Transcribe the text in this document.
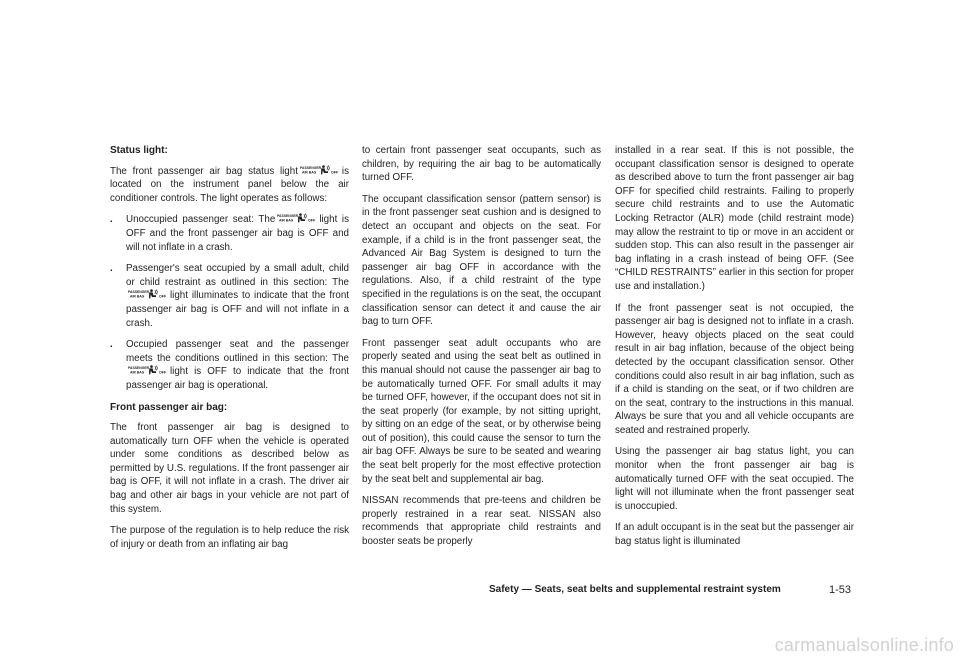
Status light:

The front passenger air bag status light PASSENGER
AIR BAG	OFF is located on the instrument panel below the air conditioner controls. The light operates as follows:

. Unoccupied passenger seat: The PASSENGER
AIR BAG	OFF light is OFF and the front passenger air bag is OFF and will not inflate in a crash.
. Passenger's seat occupied by a small adult, child or child restraint as outlined in this section: The
PASSENGER
AIR BAG	OFF light illuminates to indicate that the front passenger air bag is OFF and will not inflate in a crash.
. Occupied passenger seat and the passenger meets the conditions outlined in this section: The
PASSENGER
AIR BAG	OFF light is OFF to indicate that the front passenger air bag is operational.
Front passenger air bag:

The front passenger air bag is designed to automatically turn OFF when the vehicle is operated under some conditions as described below as permitted by U.S. regulations. If the front passenger air bag is OFF, it will not inflate in a crash. The driver air bag and other air bags in your vehicle are not part of this system.

The purpose of the regulation is to help reduce the risk of injury or death from an inflating air bag

to certain front passenger seat occupants, such as children, by requiring the air bag to be automatically turned OFF.

The occupant classification sensor (pattern sensor) is in the front passenger seat cushion and is designed to detect an occupant and objects on the seat. For example, if a child is in the front passenger seat, the Advanced Air Bag System is designed to turn the passenger air bag OFF in accordance with the regulations. Also, if a child restraint of the type specified in the regulations is on the seat, the occupant classification sensor can detect it and cause the air bag to turn OFF.

Front passenger seat adult occupants who are properly seated and using the seat belt as outlined in this manual should not cause the passenger air bag to be automatically turned OFF. For small adults it may be turned OFF, however, if the occupant does not sit in the seat properly (for example, by not sitting upright, by sitting on an edge of the seat, or by otherwise being out of position), this could cause the sensor to turn the air bag OFF. Always be sure to be seated and wearing the seat belt properly for the most effective protection by the seat belt and supplemental air bag.

NISSAN recommends that pre-teens and children be properly restrained in a rear seat. NISSAN also recommends that appropriate child restraints and booster seats be properly

installed in a rear seat. If this is not possible, the occupant classification sensor is designed to operate as described above to turn the front passenger air bag OFF for specified child restraints. Failing to properly secure child restraints and to use the Automatic Locking Retractor (ALR) mode (child restraint mode) may allow the restraint to tip or move in an accident or sudden stop. This can also result in the passenger air bag inflating in a crash instead of being OFF. (See “CHILD RESTRAINTS” earlier in this section for proper use and installation.)

If the front passenger seat is not occupied, the passenger air bag is designed not to inflate in a crash. However, heavy objects placed on the seat could result in air bag inflation, because of the object being detected by the occupant classification sensor. Other conditions could also result in air bag inflation, such as if a child is standing on the seat, or if two children are on the seat, contrary to the instructions in this manual. Always be sure that you and all vehicle occupants are seated and restrained properly.

Using the passenger air bag status light, you can monitor when the front passenger air bag is automatically turned OFF with the seat occupied. The light will not illuminate when the front passenger seat is unoccupied.

If an adult occupant is in the seat but the passenger air bag status light is illuminated

Safety — Seats, seat belts and supplemental restraint system	1-53
carmanualsonline.info
